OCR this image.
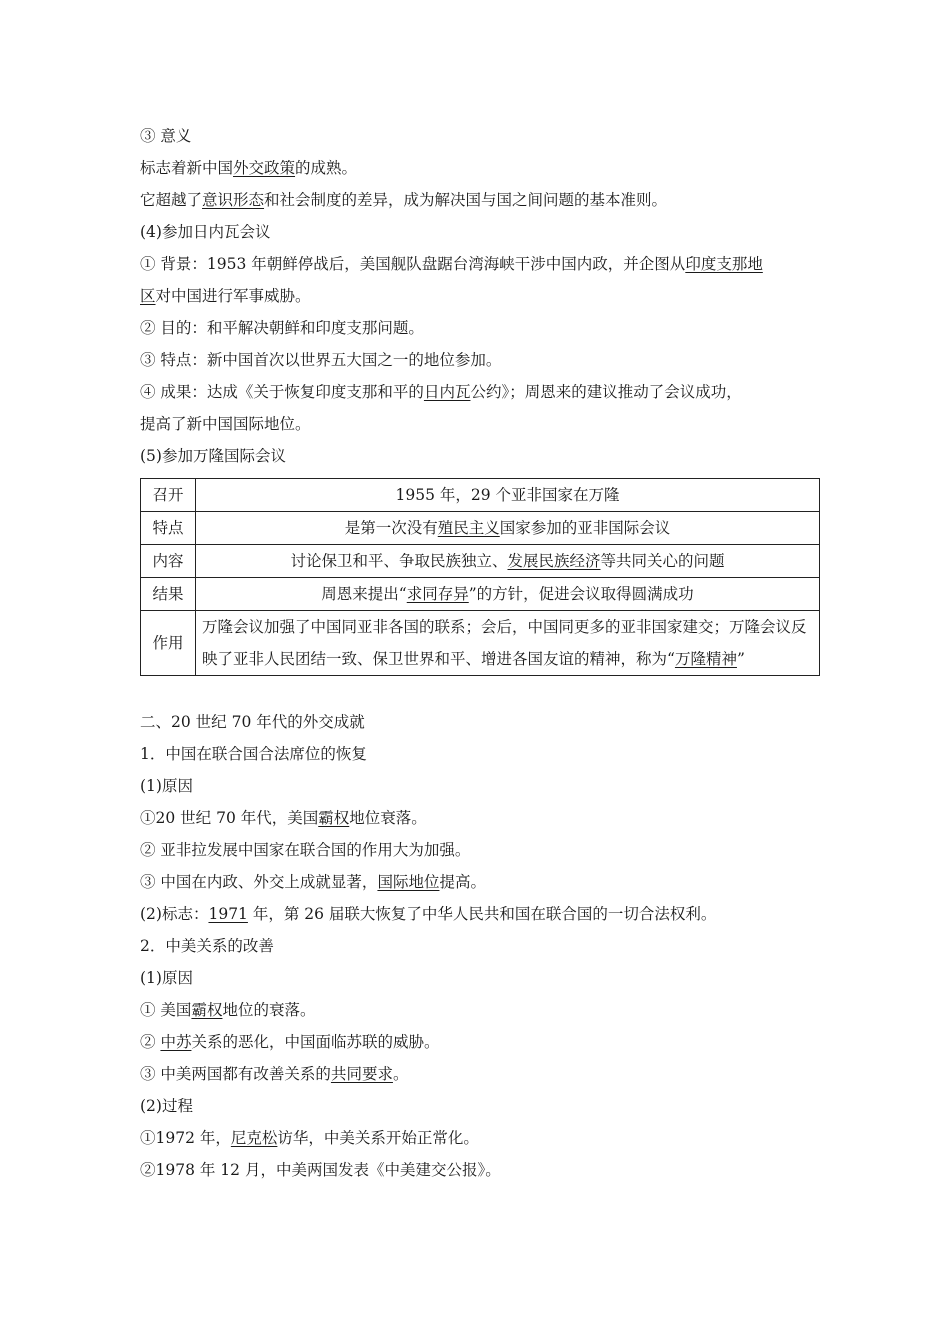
③ 意义
标志着新中国外交政策的成熟。
它超越了意识形态和社会制度的差异，成为解决国与国之间问题的基本准则。
(4)参加日内瓦会议
① 背景：1953 年朝鲜停战后，美国舰队盘踞台湾海峡干涉中国内政，并企图从印度支那地
区对中国进行军事威胁。
② 目的：和平解决朝鲜和印度支那问题。
③ 特点：新中国首次以世界五大国之一的地位参加。
④ 成果：达成《关于恢复印度支那和平的日内瓦公约》；周恩来的建议推动了会议成功，
提高了新中国国际地位。
(5)参加万隆国际会议
召开	1955 年，29 个亚非国家在万隆
特点	是第一次没有殖民主义国家参加的亚非国际会议
内容	讨论保卫和平、争取民族独立、发展民族经济等共同关心的问题
结果	周恩来提出“求同存异”的方针，促进会议取得圆满成功
作用	万隆会议加强了中国同亚非各国的联系；会后，中国同更多的亚非国家建交；万隆会议反映了亚非人民团结一致、保卫世界和平、增进各国友谊的精神，称为“万隆精神”
二、20 世纪 70 年代的外交成就
1．中国在联合国合法席位的恢复
(1)原因
①20 世纪 70 年代，美国霸权地位衰落。
② 亚非拉发展中国家在联合国的作用大为加强。
③ 中国在内政、外交上成就显著，国际地位提高。
(2)标志：1971 年，第 26 届联大恢复了中华人民共和国在联合国的一切合法权利。
2．中美关系的改善
(1)原因
① 美国霸权地位的衰落。
② 中苏关系的恶化，中国面临苏联的威胁。
③ 中美两国都有改善关系的共同要求。
(2)过程
①1972 年，尼克松访华，中美关系开始正常化。
②1978 年 12 月，中美两国发表《中美建交公报》。
